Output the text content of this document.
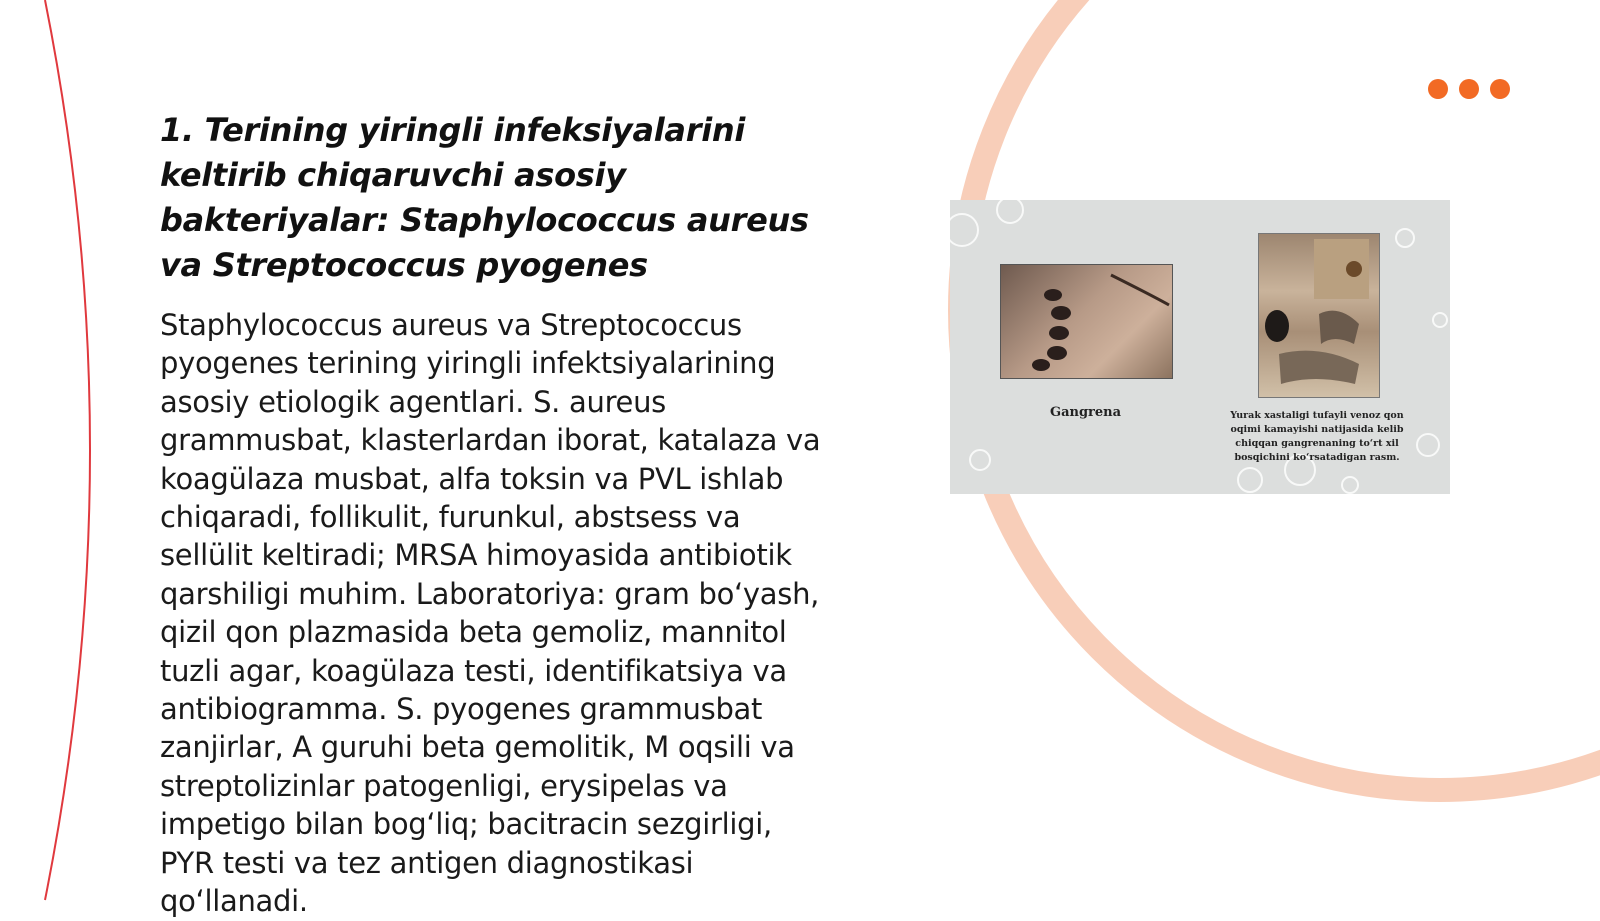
1. Terining yiringli infeksiyalarini keltirib chiqaruvchi asosiy bakteriyalar: Staphylococcus aureus va Streptococcus pyogenes

Staphylococcus aureus va Streptococcus pyogenes terining yiringli infektsiyalarining asosiy etiologik agentlari. S. aureus grammusbat, klasterlardan iborat, katalaza va koagülaza musbat, alfa toksin va PVL ishlab chiqaradi, follikulit, furunkul, abstsess va sellülit keltiradi; MRSA himoyasida antibiotik qarshiligi muhim. Laboratoriya: gram bo‘yash, qizil qon plazmasida beta gemoliz, mannitol tuzli agar, koagülaza testi, identifikatsiya va antibiogramma. S. pyogenes grammusbat zanjirlar, A guruhi beta gemolitik, M oqsili va streptolizinlar patogenligi, erysipelas va impetigo bilan bog‘liq; bacitracin sezgirligi, PYR testi va tez antigen diagnostikasi qo‘llanadi.

Gangrena	Yurak xastaligi tufayli venoz qon oqimi kamayishi natijasida kelib chiqqan gangrenaning to‘rt xil bosqichini ko‘rsatadigan rasm.
